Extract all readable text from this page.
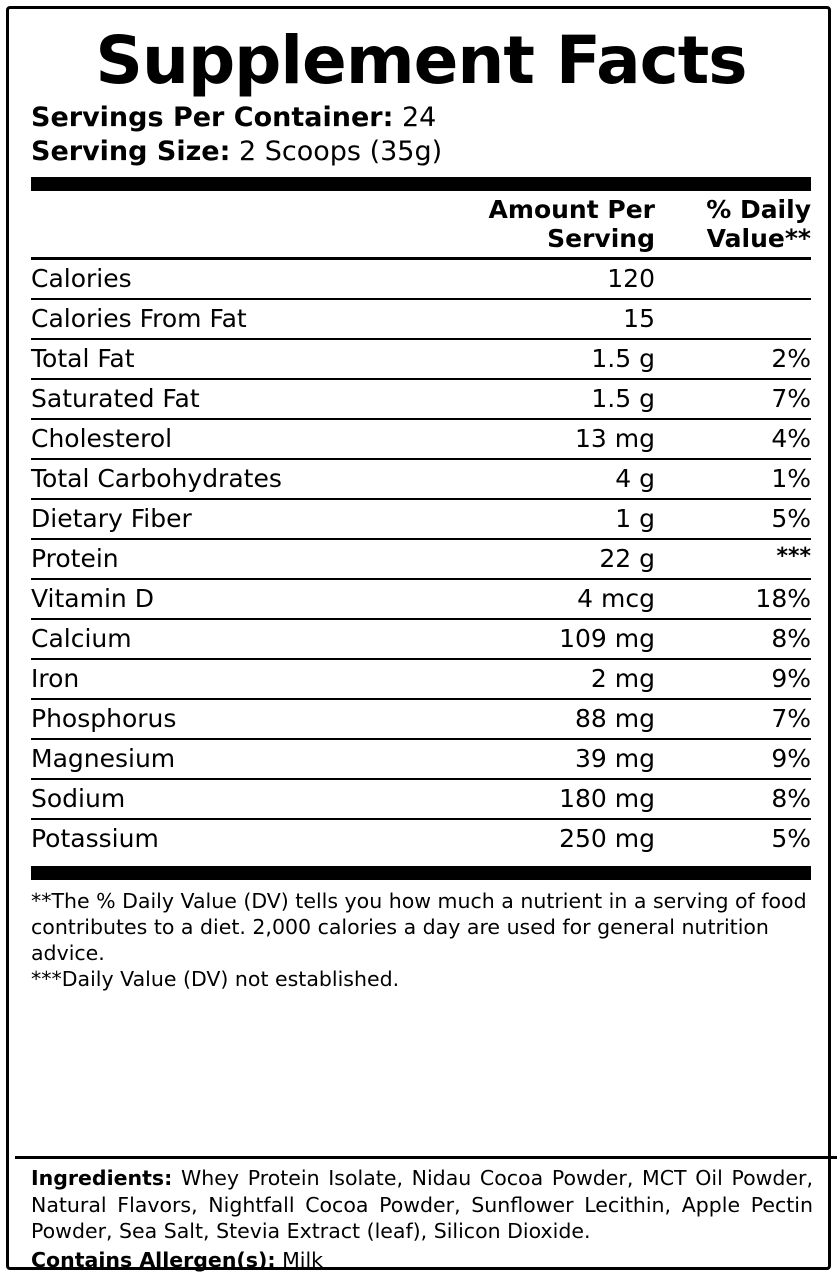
Supplement Facts
Servings Per Container: 24
Serving Size: 2 Scoops (35g)
	Amount Per Serving	% Daily Value**
Calories	120	
Calories From Fat	15	
Total Fat	1.5 g	2%
Saturated Fat	1.5 g	7%
Cholesterol	13 mg	4%
Total Carbohydrates	4 g	1%
Dietary Fiber	1 g	5%
Protein	22 g	***
Vitamin D	4 mcg	18%
Calcium	109 mg	8%
Iron	2 mg	9%
Phosphorus	88 mg	7%
Magnesium	39 mg	9%
Sodium	180 mg	8%
Potassium	250 mg	5%

**The % Daily Value (DV) tells you how much a nutrient in a serving of food contributes to a diet. 2,000 calories a day are used for general nutrition advice.

***Daily Value (DV) not established.

Ingredients: Whey Protein Isolate, Nidau Cocoa Powder, MCT Oil Powder, Natural Flavors, Nightfall Cocoa Powder, Sunflower Lecithin, Apple Pectin Powder, Sea Salt, Stevia Extract (leaf), Silicon Dioxide.
Contains Allergen(s): Milk
